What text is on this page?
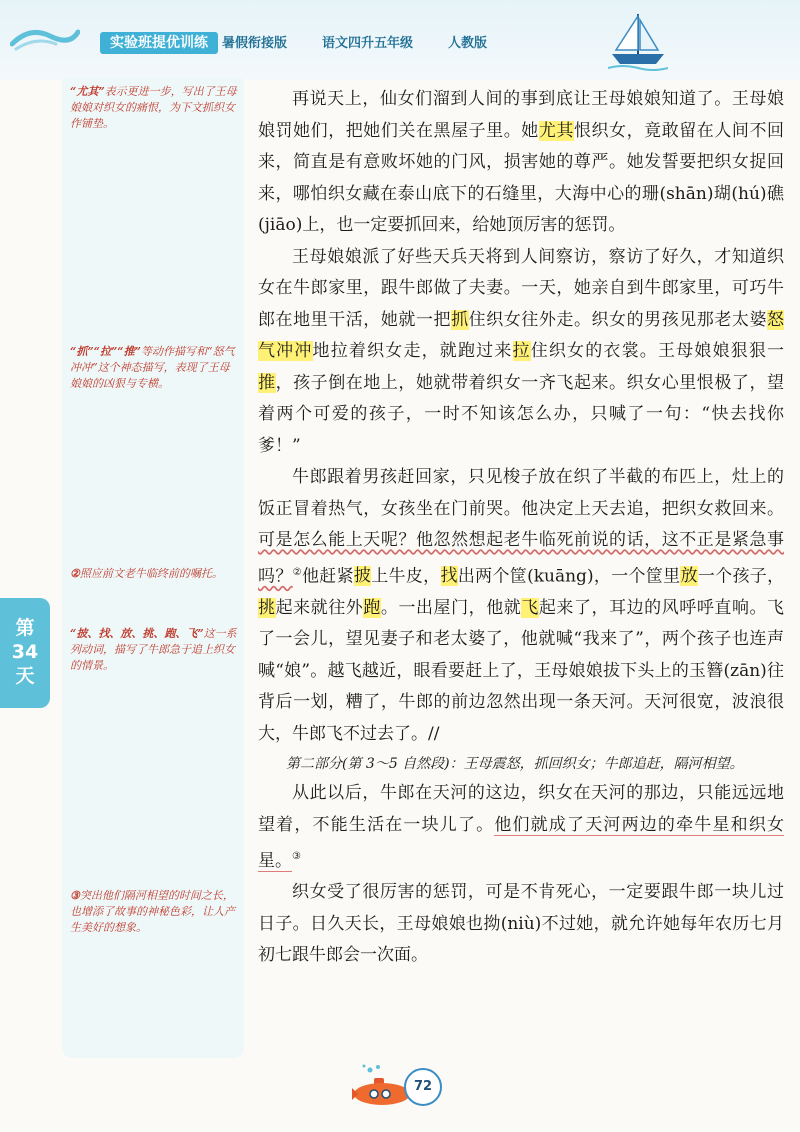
实验班提优训练	暑假衔接版	语文四升五年级	人教版
“尤其”表示更进一步，写出了王母娘娘对织女的痛恨，为下文抓织女作铺垫。
“抓”“拉”“推”等动作描写和“怒气冲冲”这个神态描写，表现了王母娘娘的凶狠与专横。
②照应前文老牛临终前的嘱托。
“披、找、放、挑、跑、飞”这一系列动词，描写了牛郎急于追上织女的情景。
③突出他们隔河相望的时间之长，也增添了故事的神秘色彩，让人产生美好的想象。
第
34
天

再说天上，仙女们溜到人间的事到底让王母娘娘知道了。王母娘娘罚她们，把她们关在黑屋子里。她尤其恨织女，竟敢留在人间不回来，简直是有意败坏她的门风，损害她的尊严。她发誓要把织女捉回来，哪怕织女藏在泰山底下的石缝里，大海中心的珊(shān)瑚(hú)礁(jiāo)上，也一定要抓回来，给她顶厉害的惩罚。

王母娘娘派了好些天兵天将到人间察访，察访了好久，才知道织女在牛郎家里，跟牛郎做了夫妻。一天，她亲自到牛郎家里，可巧牛郎在地里干活，她就一把抓住织女往外走。织女的男孩见那老太婆怒气冲冲地拉着织女走，就跑过来拉住织女的衣裳。王母娘娘狠狠一推，孩子倒在地上，她就带着织女一齐飞起来。织女心里恨极了，望着两个可爱的孩子，一时不知该怎么办，只喊了一句：“快去找你爹！”

牛郎跟着男孩赶回家，只见梭子放在织了半截的布匹上，灶上的饭正冒着热气，女孩坐在门前哭。他决定上天去追，把织女救回来。可是怎么能上天呢？他忽然想起老牛临死前说的话，这不正是紧急事吗？②他赶紧披上牛皮，找出两个筐(kuāng)，一个筐里放一个孩子，挑起来就往外跑。一出屋门，他就飞起来了，耳边的风呼呼直响。飞了一会儿，望见妻子和老太婆了，他就喊“我来了”，两个孩子也连声喊“娘”。越飞越近，眼看要赶上了，王母娘娘拔下头上的玉簪(zān)往背后一划，糟了，牛郎的前边忽然出现一条天河。天河很宽，波浪很大，牛郎飞不过去了。//

第二部分(第 3～5 自然段)：王母震怒，抓回织女；牛郎追赶，隔河相望。

从此以后，牛郎在天河的这边，织女在天河的那边，只能远远地望着，不能生活在一块儿了。他们就成了天河两边的牵牛星和织女星。③

织女受了很厉害的惩罚，可是不肯死心，一定要跟牛郎一块儿过日子。日久天长，王母娘娘也拗(niù)不过她，就允许她每年农历七月初七跟牛郎会一次面。

72
